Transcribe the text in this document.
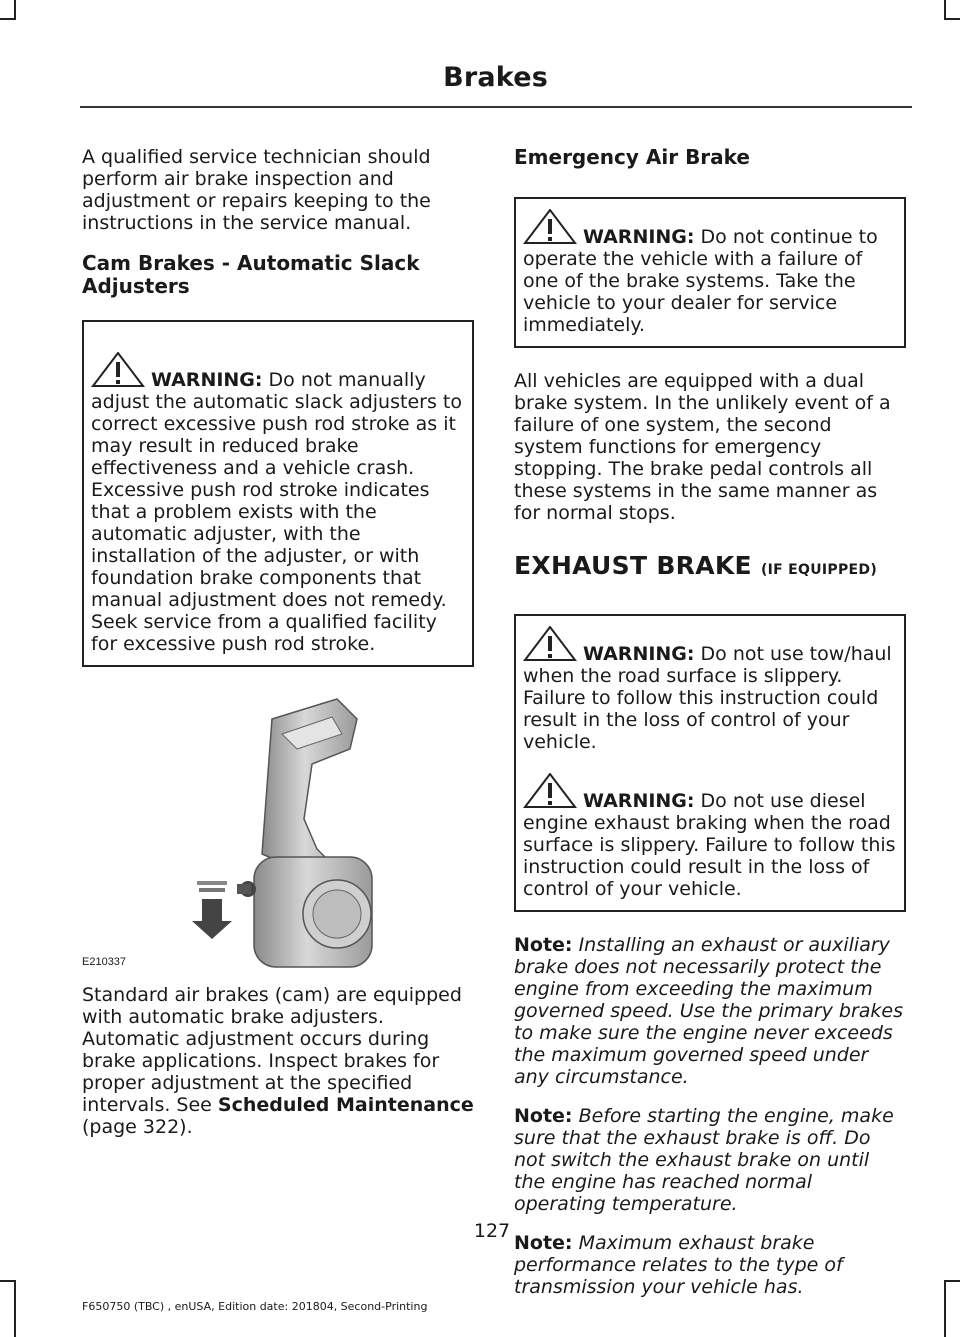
Brakes

A qualified service technician should perform air brake inspection and adjustment or repairs keeping to the instructions in the service manual.

Cam Brakes - Automatic Slack Adjusters

WARNING: Do not manually adjust the automatic slack adjusters to correct excessive push rod stroke as it may result in reduced brake effectiveness and a vehicle crash. Excessive push rod stroke indicates that a problem exists with the automatic adjuster, with the installation of the adjuster, or with foundation brake components that manual adjustment does not remedy. Seek service from a qualified facility for excessive push rod stroke.

E210337

Standard air brakes (cam) are equipped with automatic brake adjusters. Automatic adjustment occurs during brake applications. Inspect brakes for proper adjustment at the specified intervals. See Scheduled Maintenance (page 322).

Emergency Air Brake

WARNING: Do not continue to operate the vehicle with a failure of one of the brake systems. Take the vehicle to your dealer for service immediately.

All vehicles are equipped with a dual brake system. In the unlikely event of a failure of one system, the second system functions for emergency stopping. The brake pedal controls all these systems in the same manner as for normal stops.

EXHAUST BRAKE (IF EQUIPPED)

WARNING: Do not use tow/haul when the road surface is slippery. Failure to follow this instruction could result in the loss of control of your vehicle.

WARNING: Do not use diesel engine exhaust braking when the road surface is slippery. Failure to follow this instruction could result in the loss of control of your vehicle.

Note: Installing an exhaust or auxiliary brake does not necessarily protect the engine from exceeding the maximum governed speed. Use the primary brakes to make sure the engine never exceeds the maximum governed speed under any circumstance.

Note: Before starting the engine, make sure that the exhaust brake is off. Do not switch the exhaust brake on until the engine has reached normal operating temperature.

Note: Maximum exhaust brake performance relates to the type of transmission your vehicle has.

127
F650750 (TBC) , enUSA, Edition date: 201804, Second-Printing
